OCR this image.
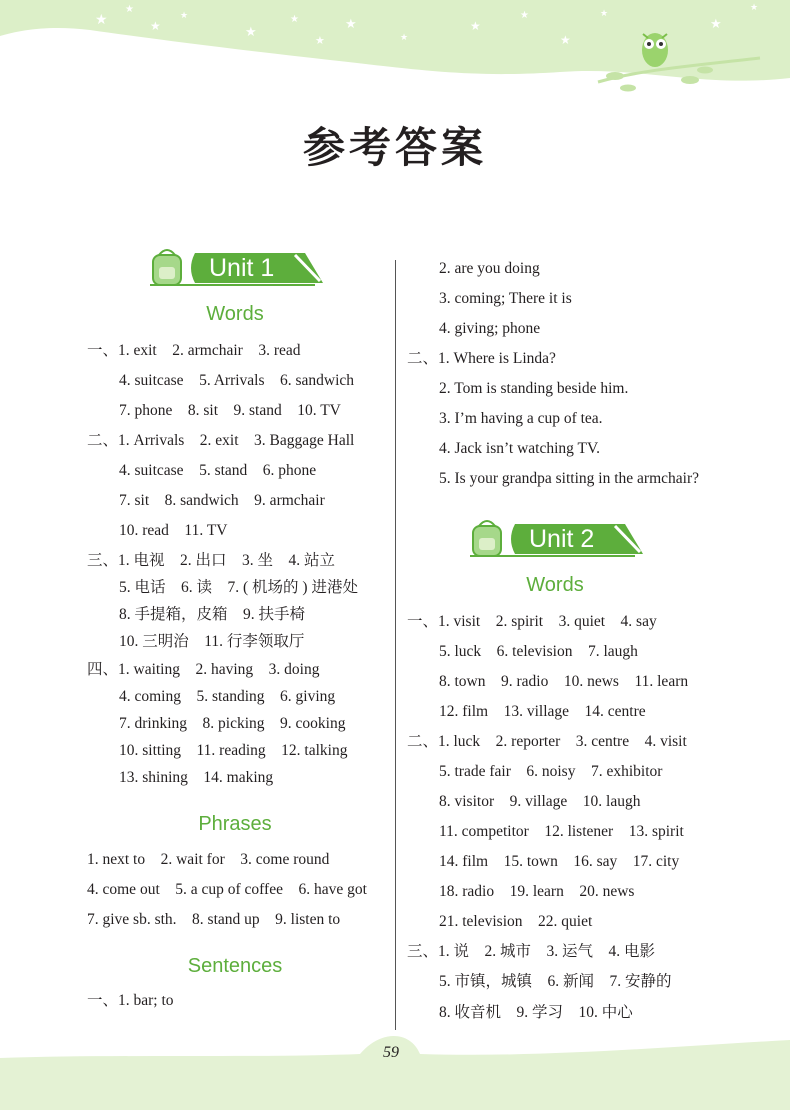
★
★
★
★
★
★
★
★
★
★
★
★
★
★
★
★
参考答案
Unit 1
Words
一、1. exit    2. armchair    3. read
4. suitcase    5. Arrivals    6. sandwich
7. phone    8. sit    9. stand    10. TV
二、1. Arrivals    2. exit    3. Baggage Hall
4. suitcase    5. stand    6. phone
7. sit    8. sandwich    9. armchair
10. read    11. TV
三、1. 电视    2. 出口    3. 坐    4. 站立
5. 电话    6. 读    7. ( 机场的 ) 进港处
8. 手提箱，皮箱    9. 扶手椅
10. 三明治    11. 行李领取厅
四、1. waiting    2. having    3. doing
4. coming    5. standing    6. giving
7. drinking    8. picking    9. cooking
10. sitting    11. reading    12. talking
13. shining    14. making
Phrases
1. next to    2. wait for    3. come round
4. come out    5. a cup of coffee    6. have got
7. give sb. sth.    8. stand up    9. listen to
Sentences
一、1. bar; to
2. are you doing
3. coming; There it is
4. giving; phone
二、1. Where is Linda?
2. Tom is standing beside him.
3. I’m having a cup of tea.
4. Jack isn’t watching TV.
5. Is your grandpa sitting in the armchair?
Unit 2
Words
一、1. visit    2. spirit    3. quiet    4. say
5. luck    6. television    7. laugh
8. town    9. radio    10. news    11. learn
12. film    13. village    14. centre
二、1. luck    2. reporter    3. centre    4. visit
5. trade fair    6. noisy    7. exhibitor
8. visitor    9. village    10. laugh
11. competitor    12. listener    13. spirit
14. film    15. town    16. say    17. city
18. radio    19. learn    20. news
21. television    22. quiet
三、1. 说    2. 城市    3. 运气    4. 电影
5. 市镇，城镇    6. 新闻    7. 安静的
8. 收音机    9. 学习    10. 中心
59
